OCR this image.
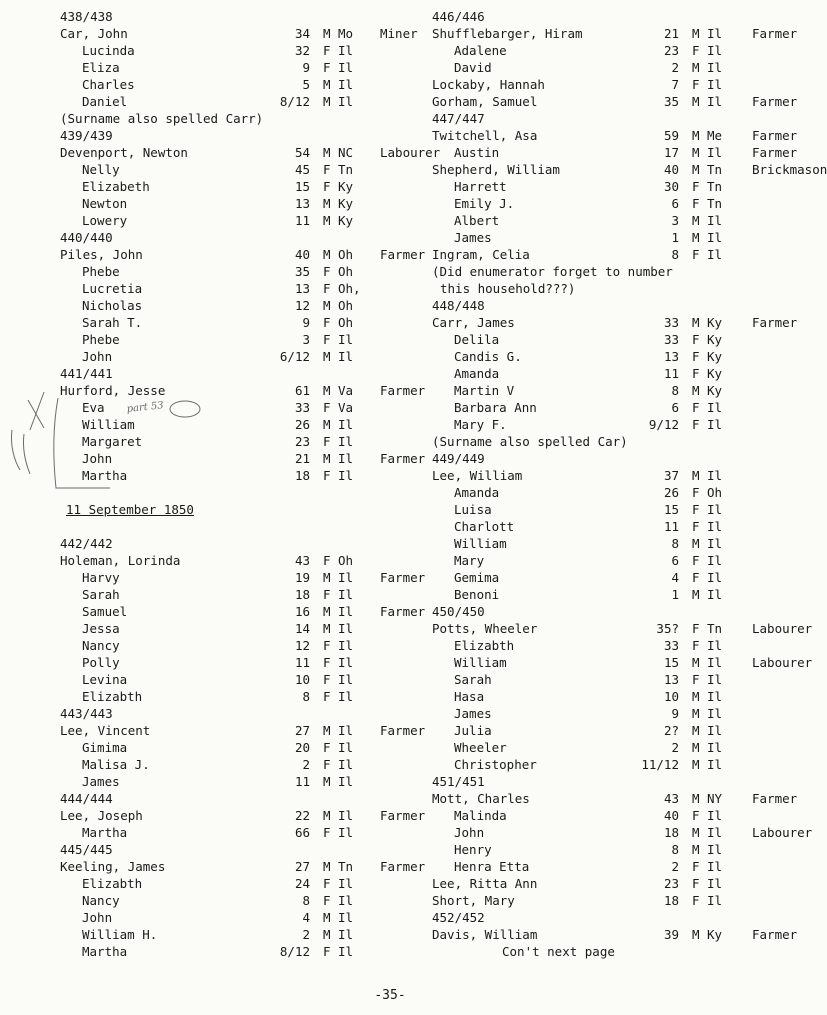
438/438
Car, John	34 M Mo Miner
Lucinda	32 F Il
Eliza	9 F Il
Charles	5 M Il
Daniel	8/12 M Il
(Surname also spelled Carr)
439/439
Devenport, Newton	54 M NC Labourer
Nelly	45 F Tn
Elizabeth	15 F Ky
Newton	13 M Ky
Lowery	11 M Ky
440/440
Piles, John	40 M Oh Farmer
Phebe	35 F Oh
Lucretia	13 F Oh,
Nicholas	12 M Oh
Sarah T.	9 F Oh
Phebe	3 F Il
John	6/12 M Il
441/441
Hurford, Jesse	61 M Va Farmer
Eva	33 F Va
William	26 M Il
Margaret	23 F Il
John	21 M Il Farmer
Martha	18 F Il
11 September 1850
442/442
Holeman, Lorinda	43 F Oh
Harvy	19 M Il Farmer
Sarah	18 F Il
Samuel	16 M Il Farmer
Jessa	14 M Il
Nancy	12 F Il
Polly	11 F Il
Levina	10 F Il
Elizabth	8 F Il
443/443
Lee, Vincent	27 M Il Farmer
Gimima	20 F Il
Malisa J.	2 F Il
James	11 M Il
444/444
Lee, Joseph	22 M Il Farmer
Martha	66 F Il
445/445
Keeling, James	27 M Tn Farmer
Elizabth	24 F Il
Nancy	8 F Il
John	4 M Il
William H.	2 M Il
Martha	8/12 F Il
446/446
Shufflebarger, Hiram	21 M Il Farmer
Adalene	23 F Il
David	2 M Il
Lockaby, Hannah	7 F Il
Gorham, Samuel	35 M Il Farmer
447/447
Twitchell, Asa	59 M Me Farmer
Austin	17 M Il Farmer
Shepherd, William	40 M Tn Brickmason
Harrett	30 F Tn
Emily J.	6 F Tn
Albert	3 M Il
James	1 M Il
Ingram, Celia	8 F Il
(Did enumerator forget to number
this household???)
448/448
Carr, James	33 M Ky Farmer
Delila	33 F Ky
Candis G.	13 F Ky
Amanda	11 F Ky
Martin V	8 M Ky
Barbara Ann	6 F Il
Mary F.	9/12 F Il
(Surname also spelled Car)
449/449
Lee, William	37 M Il
Amanda	26 F Oh
Luisa	15 F Il
Charlott	11 F Il
William	8 M Il
Mary	6 F Il
Gemima	4 F Il
Benoni	1 M Il
450/450
Potts, Wheeler	35? F Tn Labourer
Elizabth	33 F Il
William	15 M Il Labourer
Sarah	13 F Il
Hasa	10 M Il
James	9 M Il
Julia	2? M Il
Wheeler	2 M Il
Christopher	11/12 M Il
451/451
Mott, Charles	43 M NY Farmer
Malinda	40 F Il
John	18 M Il Labourer
Henry	8 M Il
Henra Etta	2 F Il
Lee, Ritta Ann	23 F Il
Short, Mary	18 F Il
452/452
Davis, William	39 M Ky Farmer
Con't next page
part 53
-35-
